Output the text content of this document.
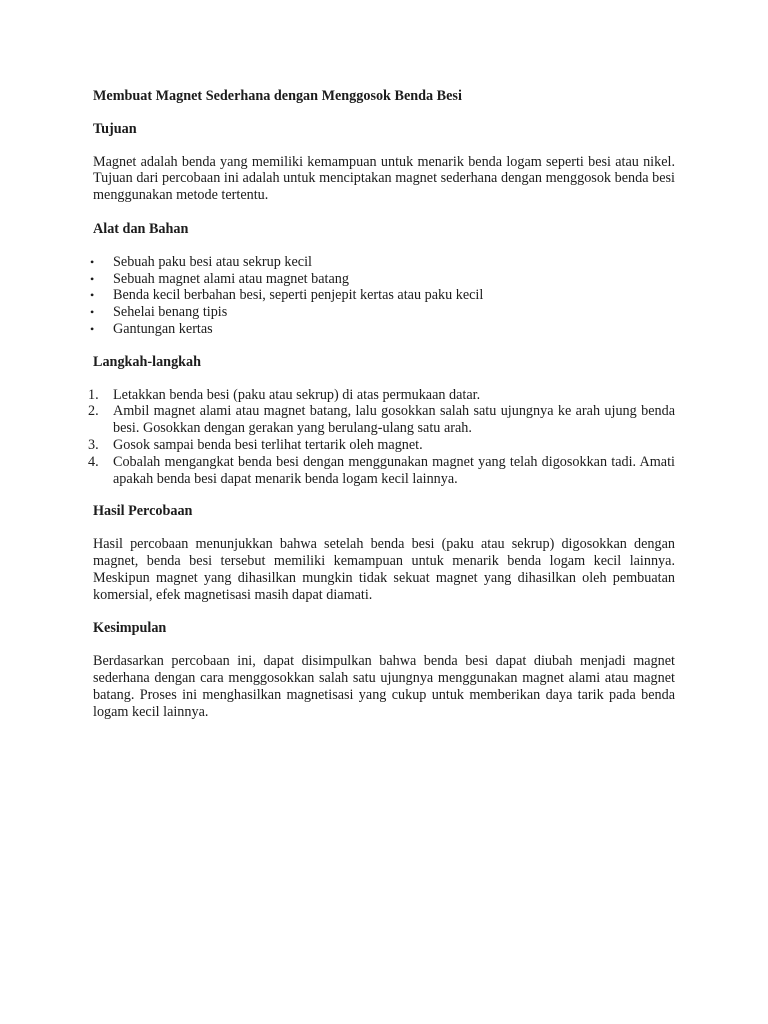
Membuat Magnet Sederhana dengan Menggosok Benda Besi
Tujuan

Magnet adalah benda yang memiliki kemampuan untuk menarik benda logam seperti besi atau nikel. Tujuan dari percobaan ini adalah untuk menciptakan magnet sederhana dengan menggosok benda besi menggunakan metode tertentu.

Alat dan Bahan
• Sebuah paku besi atau sekrup kecil
• Sebuah magnet alami atau magnet batang
• Benda kecil berbahan besi, seperti penjepit kertas atau paku kecil
• Sehelai benang tipis
• Gantungan kertas
Langkah-langkah
1. Letakkan benda besi (paku atau sekrup) di atas permukaan datar.
2. Ambil magnet alami atau magnet batang, lalu gosokkan salah satu ujungnya ke arah ujung benda besi. Gosokkan dengan gerakan yang berulang-ulang satu arah.
3. Gosok sampai benda besi terlihat tertarik oleh magnet.
4. Cobalah mengangkat benda besi dengan menggunakan magnet yang telah digosokkan tadi. Amati apakah benda besi dapat menarik benda logam kecil lainnya.
Hasil Percobaan

Hasil percobaan menunjukkan bahwa setelah benda besi (paku atau sekrup) digosokkan dengan magnet, benda besi tersebut memiliki kemampuan untuk menarik benda logam kecil lainnya. Meskipun magnet yang dihasilkan mungkin tidak sekuat magnet yang dihasilkan oleh pembuatan komersial, efek magnetisasi masih dapat diamati.

Kesimpulan

Berdasarkan percobaan ini, dapat disimpulkan bahwa benda besi dapat diubah menjadi magnet sederhana dengan cara menggosokkan salah satu ujungnya menggunakan magnet alami atau magnet batang. Proses ini menghasilkan magnetisasi yang cukup untuk memberikan daya tarik pada benda logam kecil lainnya.
